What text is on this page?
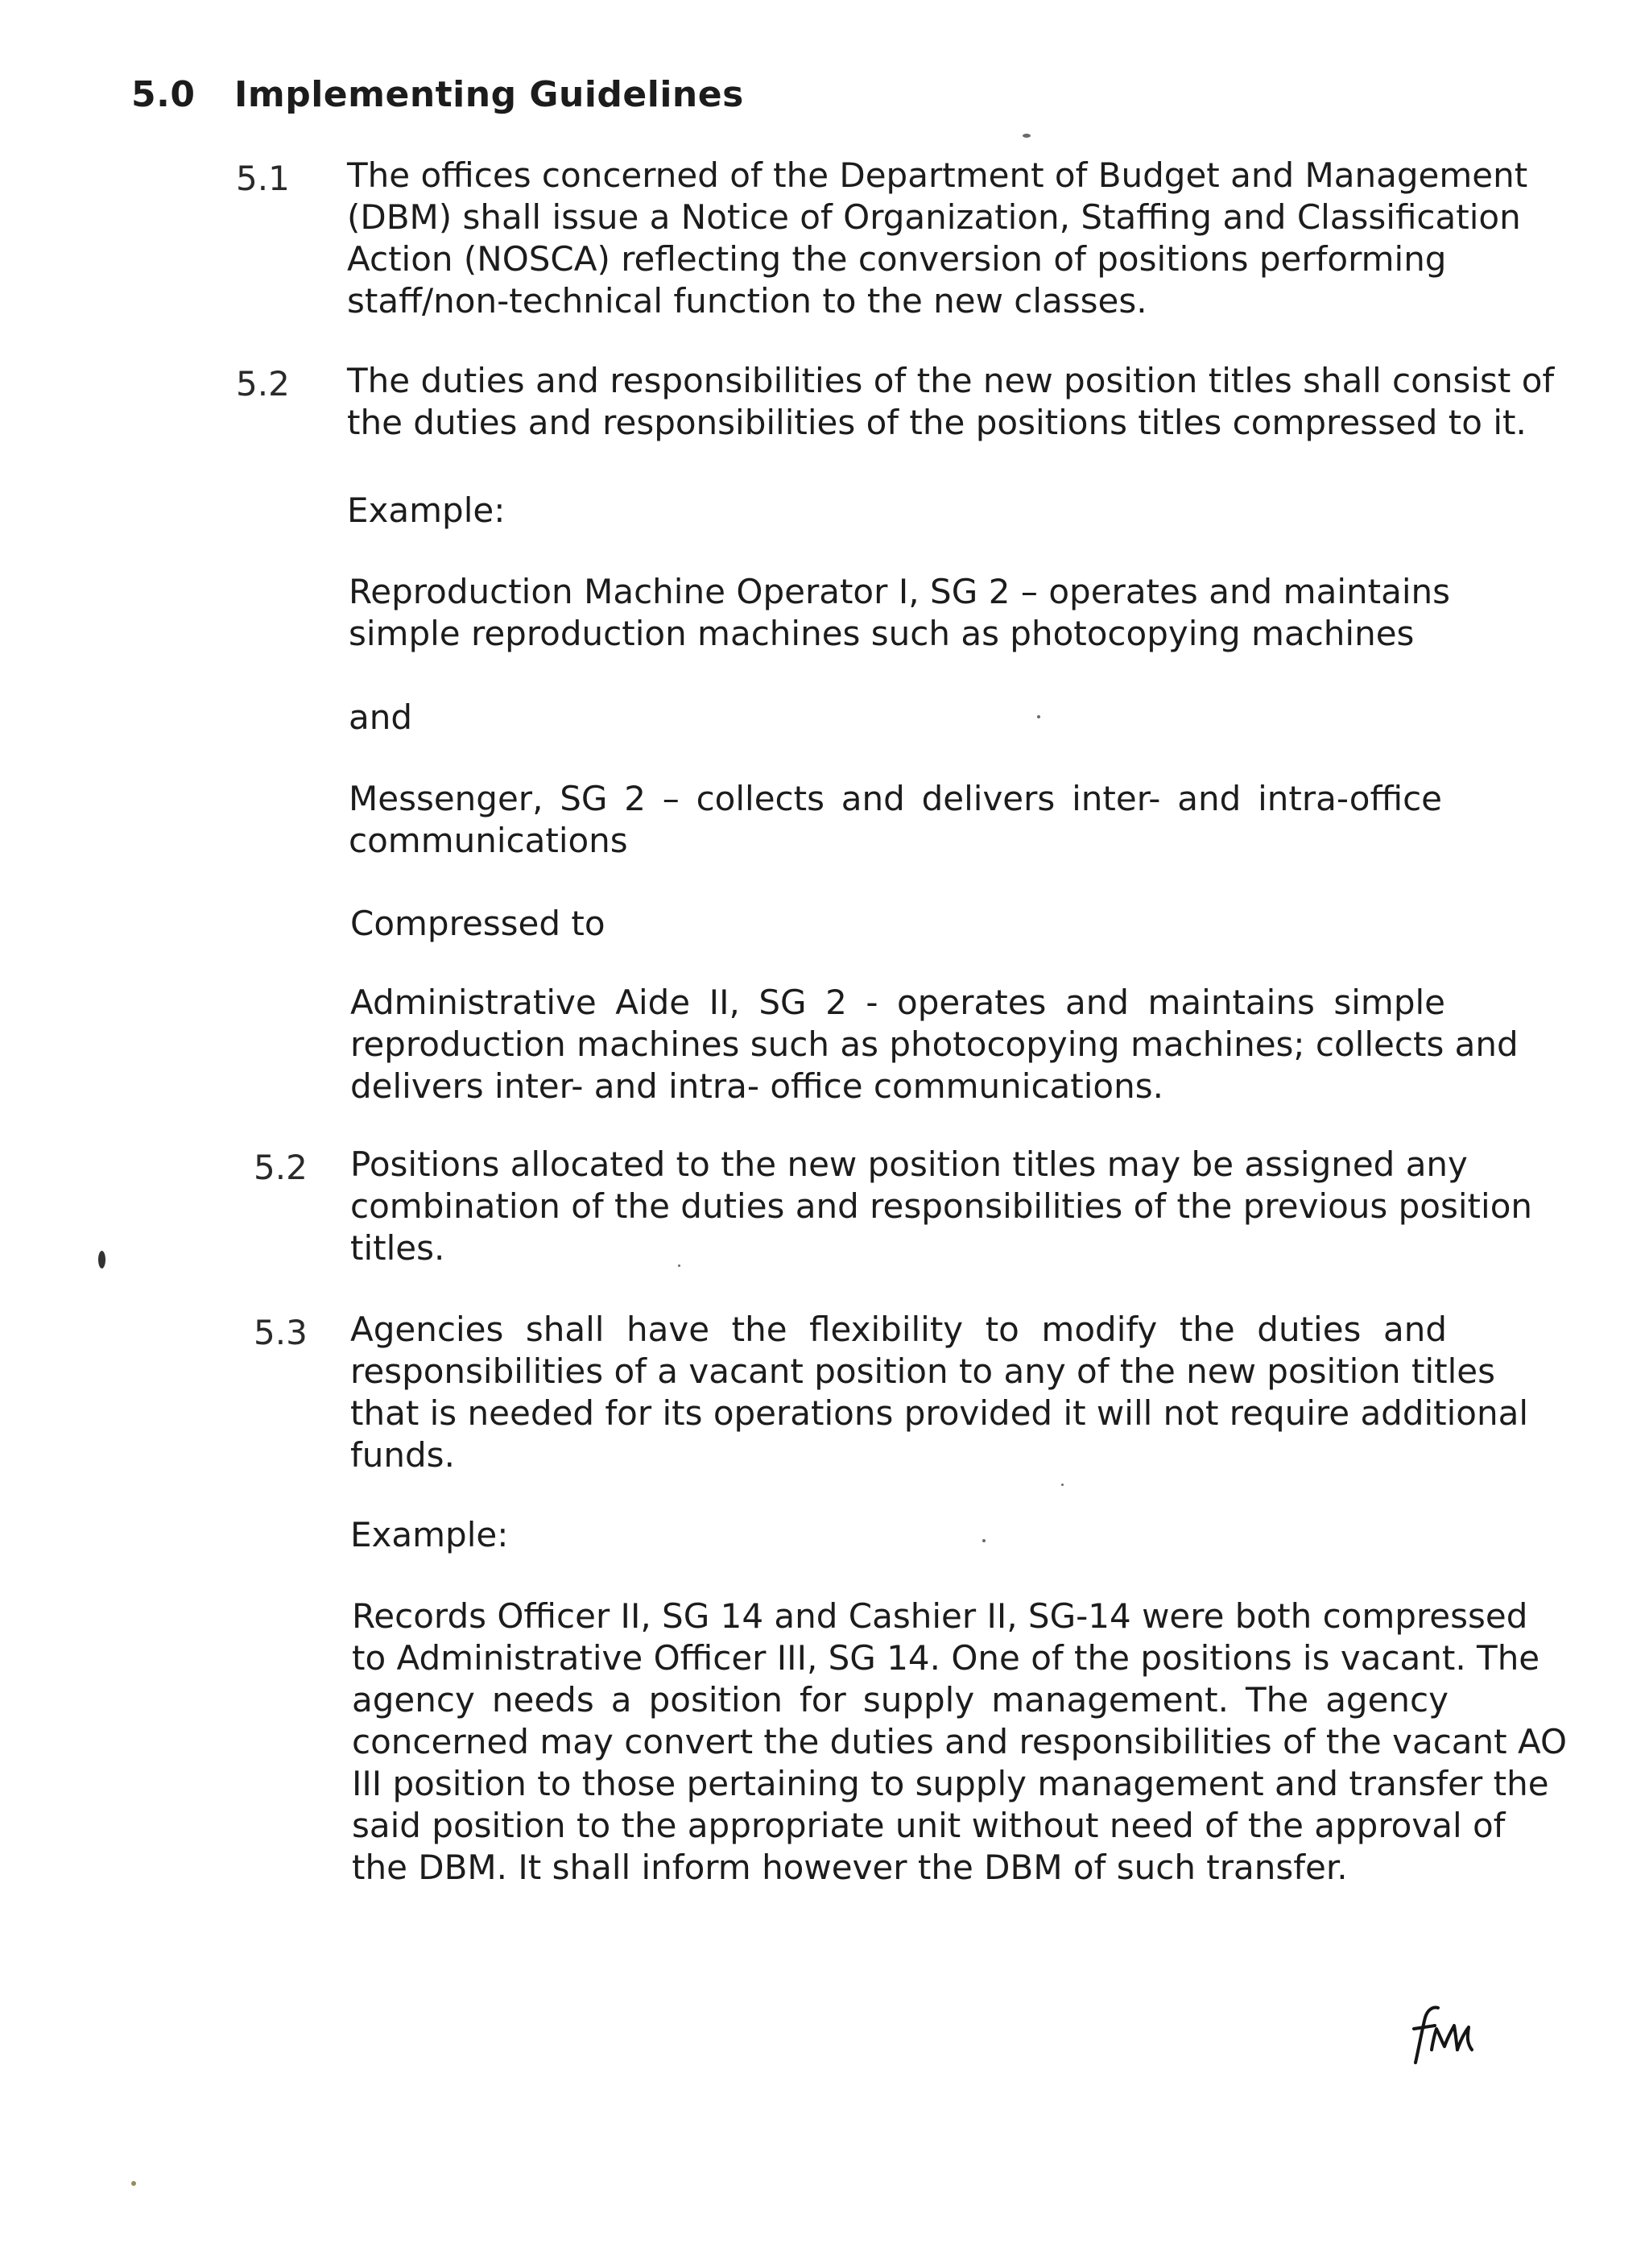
5.0 Implementing Guidelines
5.1 The offices concerned of the Department of Budget and Management
(DBM) shall issue a Notice of Organization, Staffing and Classification
Action (NOSCA) reflecting the conversion of positions performing
staff/non-technical function to the new classes.
5.2 The duties and responsibilities of the new position titles shall consist of
the duties and responsibilities of the positions titles compressed to it.
Example:
Reproduction Machine Operator I, SG 2 – operates and maintains
simple reproduction machines such as photocopying machines
and
Messenger, SG 2 – collects and delivers inter- and intra-office
communications
Compressed to
Administrative Aide II, SG 2 - operates and maintains simple
reproduction machines such as photocopying machines; collects and
delivers inter- and intra- office communications.
5.2 Positions allocated to the new position titles may be assigned any
combination of the duties and responsibilities of the previous position
titles.
5.3 Agencies shall have the flexibility to modify the duties and
responsibilities of a vacant position to any of the new position titles
that is needed for its operations provided it will not require additional
funds.
Example:
Records Officer II, SG 14 and Cashier II, SG-14 were both compressed
to Administrative Officer III, SG 14. One of the positions is vacant. The
agency needs a position for supply management. The agency
concerned may convert the duties and responsibilities of the vacant AO
III position to those pertaining to supply management and transfer the
said position to the appropriate unit without need of the approval of
the DBM. It shall inform however the DBM of such transfer.
